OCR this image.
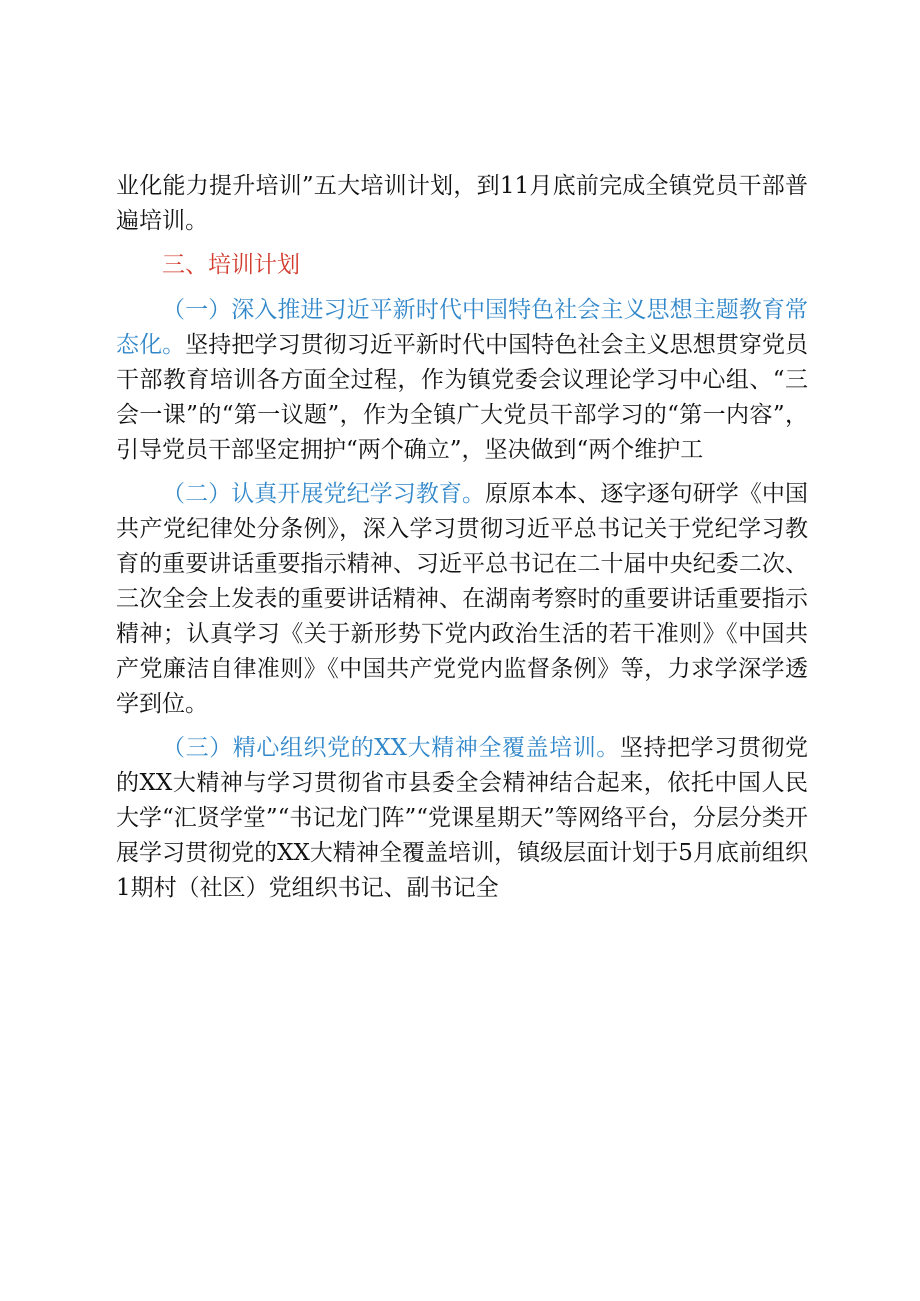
业化能力提升培训”五大培训计划，到11月底前完成全镇党员干部普遍培训。

三、培训计划

（一）深入推进习近平新时代中国特色社会主义思想主题教育常态化。坚持把学习贯彻习近平新时代中国特色社会主义思想贯穿党员干部教育培训各方面全过程，作为镇党委会议理论学习中心组、“三会一课”的“第一议题”，作为全镇广大党员干部学习的“第一内容”，引导党员干部坚定拥护“两个确立”，坚决做到“两个维护工

（二）认真开展党纪学习教育。原原本本、逐字逐句研学《中国共产党纪律处分条例》，深入学习贯彻习近平总书记关于党纪学习教育的重要讲话重要指示精神、习近平总书记在二十届中央纪委二次、三次全会上发表的重要讲话精神、在湖南考察时的重要讲话重要指示精神；认真学习《关于新形势下党内政治生活的若干准则》《中国共产党廉洁自律准则》《中国共产党党内监督条例》等，力求学深学透学到位。

（三）精心组织党的XX大精神全覆盖培训。坚持把学习贯彻党的XX大精神与学习贯彻省市县委全会精神结合起来，依托中国人民大学“汇贤学堂”“书记龙门阵”“党课星期天”等网络平台，分层分类开展学习贯彻党的XX大精神全覆盖培训，镇级层面计划于5月底前组织1期村（社区）党组织书记、副书记全
